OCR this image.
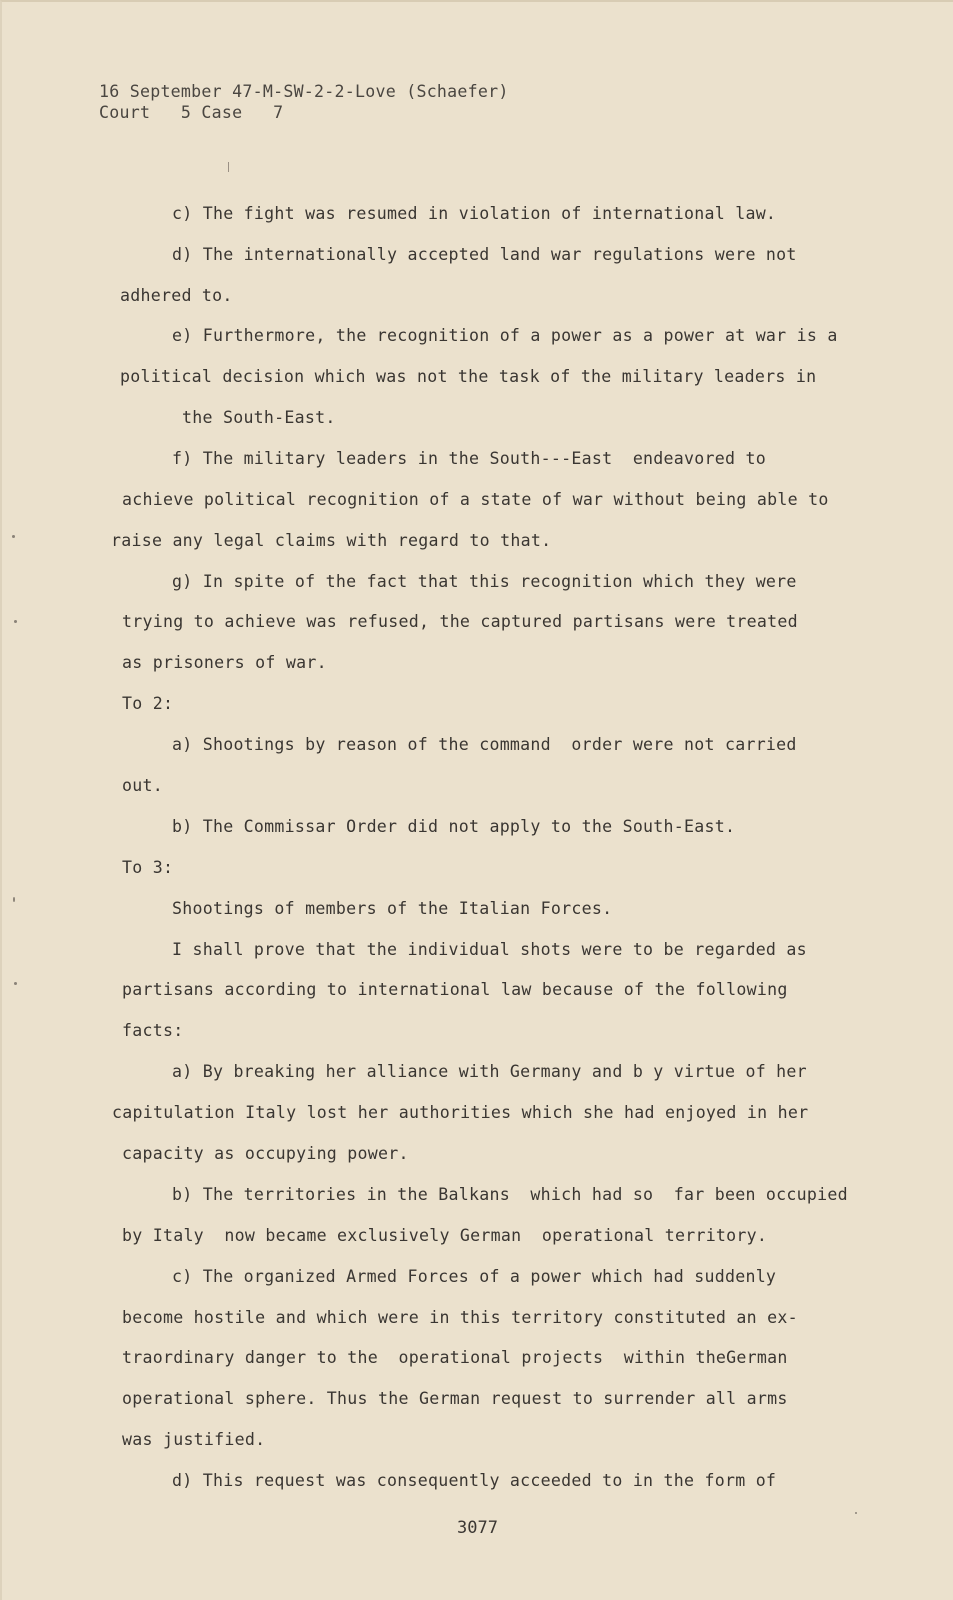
16 September 47-M-SW-2-2-Love (Schaefer)
Court   5 Case   7
c) The fight was resumed in violation of international law.
d) The internationally accepted land war regulations were not
adhered to.
e) Furthermore, the recognition of a power as a power at war is a
political decision which was not the task of the military leaders in
the South-East.
f) The military leaders in the South---East  endeavored to
achieve political recognition of a state of war without being able to
raise any legal claims with regard to that.
g) In spite of the fact that this recognition which they were
trying to achieve was refused, the captured partisans were treated
as prisoners of war.
To 2:
a) Shootings by reason of the command  order were not carried
out.
b) The Commissar Order did not apply to the South-East.
To 3:
Shootings of members of the Italian Forces.
I shall prove that the individual shots were to be regarded as
partisans according to international law because of the following
facts:
a) By breaking her alliance with Germany and b y virtue of her
capitulation Italy lost her authorities which she had enjoyed in her
capacity as occupying power.
b) The territories in the Balkans  which had so  far been occupied
by Italy  now became exclusively German  operational territory.
c) The organized Armed Forces of a power which had suddenly
become hostile and which were in this territory constituted an ex-
traordinary danger to the  operational projects  within theGerman
operational sphere. Thus the German request to surrender all arms
was justified.
d) This request was consequently acceeded to in the form of
3077
